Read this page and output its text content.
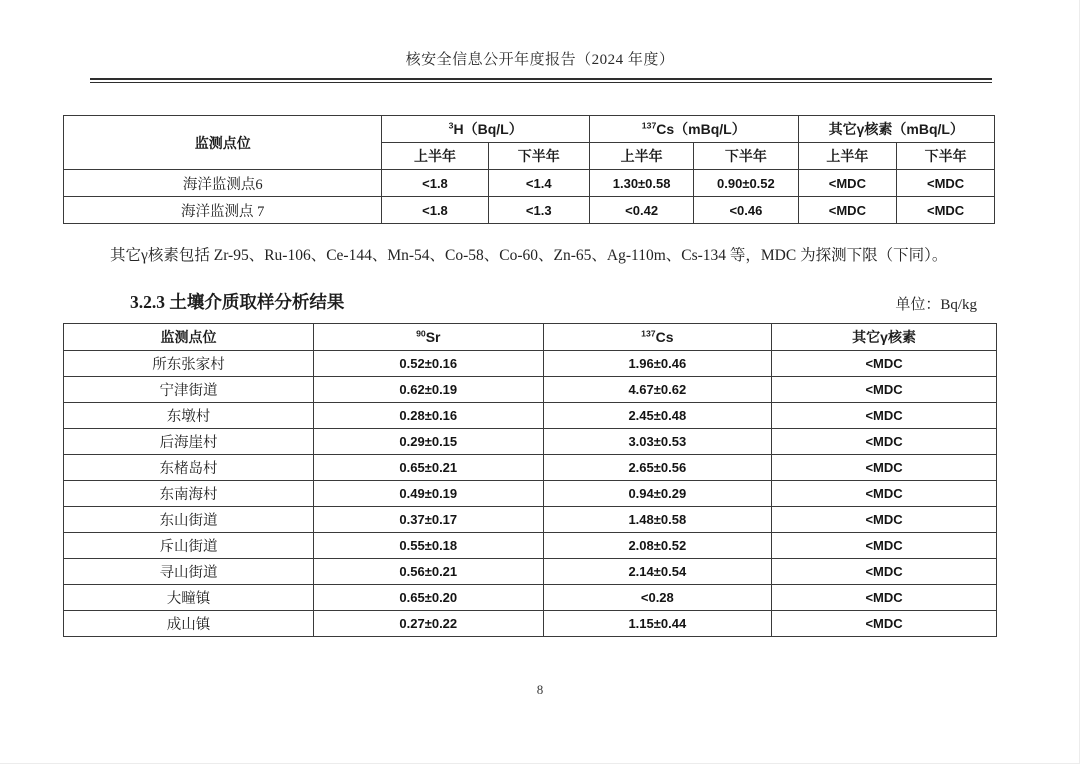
核安全信息公开年度报告（2024 年度）
监测点位	$^3$H（Bq/L）		$^{137}$Cs（mBq/L）		其它γ核素（mBq/L）	
	上半年	下半年	上半年	下半年	上半年	下半年
海洋监测点6	<1.8	<1.4	1.30±0.58	0.90±0.52	<MDC	<MDC
海洋监测点 7	<1.8	<1.3	<0.42	<0.46	<MDC	<MDC
其它γ核素包括 Zr-95、Ru-106、Ce-144、Mn-54、Co-58、Co-60、Zn-65、Ag-110m、Cs-134 等，MDC 为探测下限（下同）。
3.2.3 土壤介质取样分析结果	单位：Bq/kg
监测点位	$^{90}$Sr	$^{137}$Cs	其它γ核素
所东张家村	0.52±0.16	1.96±0.46	<MDC
宁津街道	0.62±0.19	4.67±0.62	<MDC
东墩村	0.28±0.16	2.45±0.48	<MDC
后海崖村	0.29±0.15	3.03±0.53	<MDC
东楮岛村	0.65±0.21	2.65±0.56	<MDC
东南海村	0.49±0.19	0.94±0.29	<MDC
东山街道	0.37±0.17	1.48±0.58	<MDC
斥山街道	0.55±0.18	2.08±0.52	<MDC
寻山街道	0.56±0.21	2.14±0.54	<MDC
大疃镇	0.65±0.20	<0.28	<MDC
成山镇	0.27±0.22	1.15±0.44	<MDC
8
